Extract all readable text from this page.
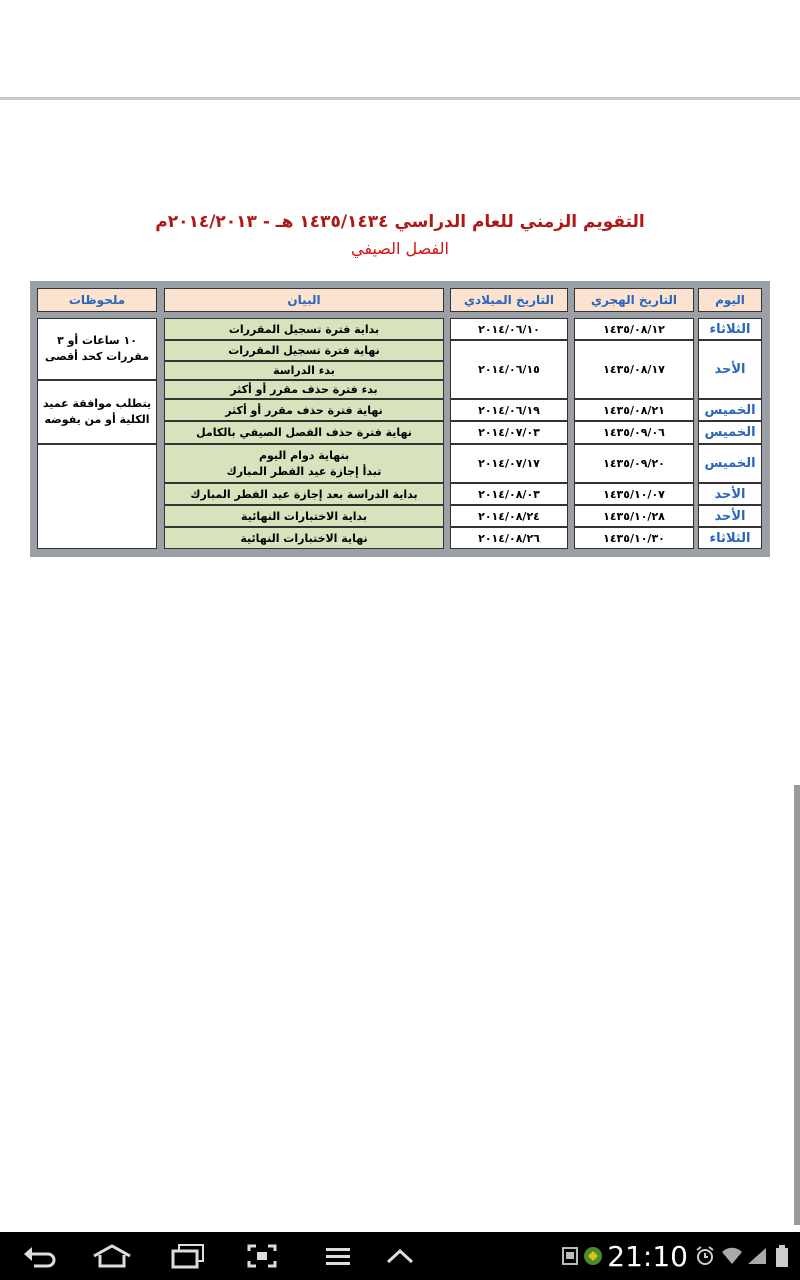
التقويم الزمني للعام الدراسي ١٤٣٥/١٤٣٤ هـ - ٢٠١٤/٢٠١٣م
الفصل الصيفي
اليوم
التاريخ الهجري
التاريخ الميلادي
البيان
ملحوظات
الثلاثاء
١٤٣٥/٠٨/١٢
٢٠١٤/٠٦/١٠
بداية فترة تسجيل المقررات
الأحد
١٤٣٥/٠٨/١٧
٢٠١٤/٠٦/١٥
نهاية فترة تسجيل المقررات
بدء الدراسة
بدء فترة حذف مقرر أو أكثر
الخميس
١٤٣٥/٠٨/٢١
٢٠١٤/٠٦/١٩
نهاية فترة حذف مقرر أو أكثر
الخميس
١٤٣٥/٠٩/٠٦
٢٠١٤/٠٧/٠٣
نهاية فترة حذف الفصل الصيفي بالكامل
الخميس
١٤٣٥/٠٩/٢٠
٢٠١٤/٠٧/١٧
بنهاية دوام اليوم
تبدأ إجازة عيد الفطر المبارك
الأحد
١٤٣٥/١٠/٠٧
٢٠١٤/٠٨/٠٣
بداية الدراسة بعد إجازة عيد الفطر المبارك
الأحد
١٤٣٥/١٠/٢٨
٢٠١٤/٠٨/٢٤
بداية الاختبارات النهائية
الثلاثاء
١٤٣٥/١٠/٣٠
٢٠١٤/٠٨/٢٦
نهاية الاختبارات النهائية
١٠ ساعات أو ٣
مقررات كحد أقصى
يتطلب موافقة عميد
الكلية أو من يفوضه
21:10
